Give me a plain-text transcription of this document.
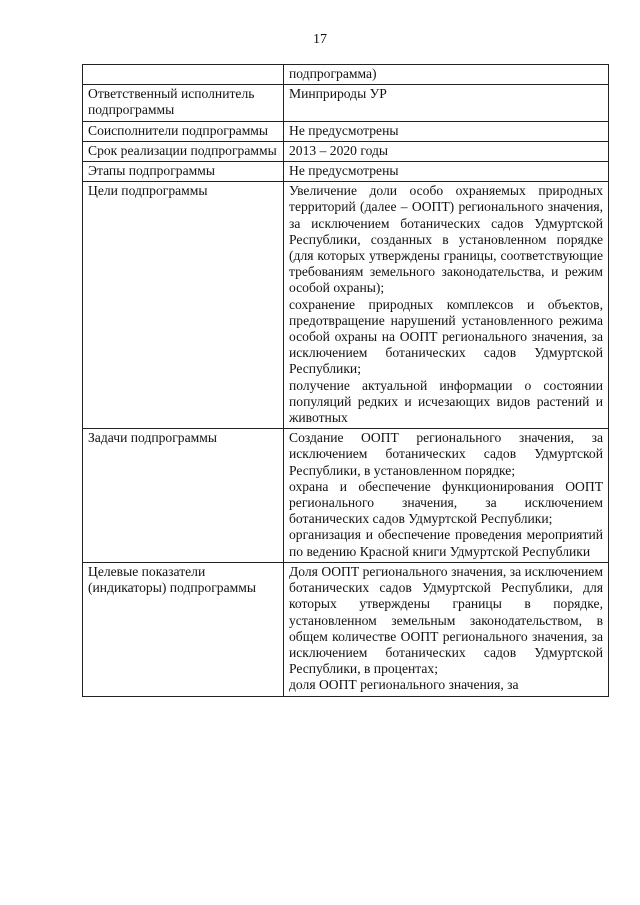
17

	подпрограмма)

Ответственный исполнитель подпрограммы	Минприроды УР

Соисполнители подпрограммы	Не предусмотрены

Срок реализации подпрограммы	2013 – 2020 годы

Этапы подпрограммы	Не предусмотрены

Цели подпрограммы	Увеличение доли особо охраняемых природных территорий (далее – ООПТ) регионального значения, за исключением ботанических садов Удмуртской Республики, созданных в установленном порядке (для которых утверждены границы, соответствующие требованиям земельного законодательства, и режим особой охраны);
сохранение природных комплексов и объектов, предотвращение нарушений установленного режима особой охраны на ООПТ регионального значения, за исключением ботанических садов Удмуртской Республики;
получение актуальной информации о состоянии популяций редких и исчезающих видов растений и животных

Задачи подпрограммы	Создание ООПТ регионального значения, за исключением ботанических садов Удмуртской Республики, в установленном порядке;
охрана и обеспечение функционирования ООПТ регионального значения, за исключением ботанических садов Удмуртской Республики;
организация и обеспечение проведения мероприятий по ведению Красной книги Удмуртской Республики

Целевые показатели (индикаторы) подпрограммы	Доля ООПТ регионального значения, за исключением ботанических садов Удмуртской Республики, для которых утверждены границы в порядке, установленном земельным законодательством, в общем количестве ООПТ регионального значения, за исключением ботанических садов Удмуртской Республики, в процентах;
доля ООПТ регионального значения, за
